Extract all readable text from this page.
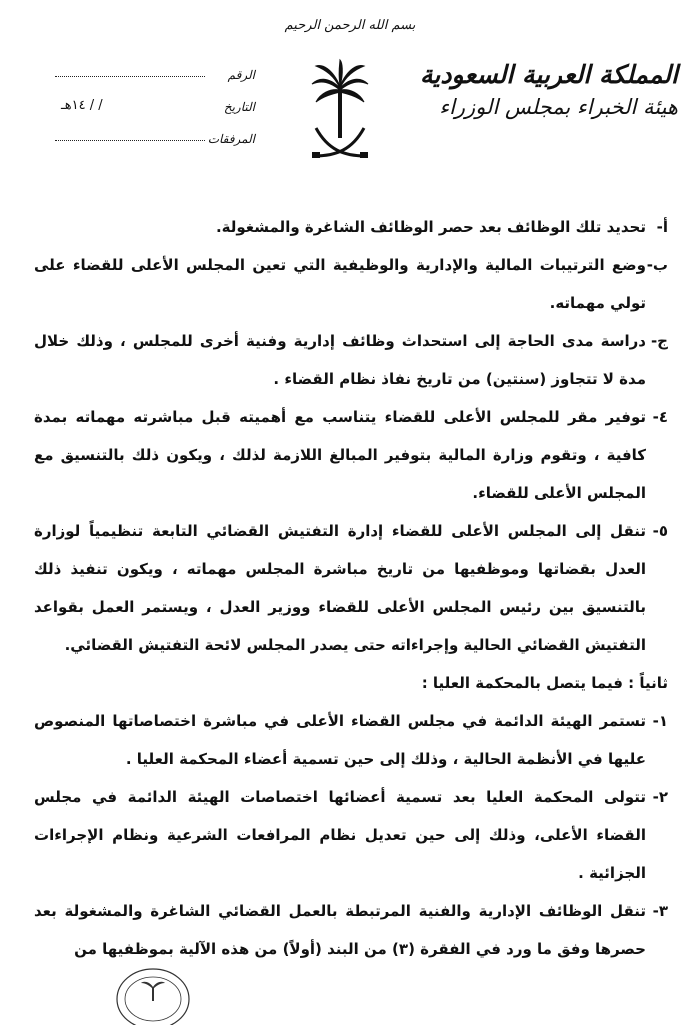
بسم الله الرحمن الرحيم
المملكة العربية السعودية
هيئة الخبراء بمجلس الوزراء
الرقم
التاريخ
/ / ١٤هـ
المرفقات

أ-
تحديد تلك الوظائف بعد حصر الوظائف الشاغرة والمشغولة.

ب-
وضع الترتيبات المالية والإدارية والوظيفية التي تعين المجلس الأعلى للقضاء على تولي مهماته.

ج-
دراسة مدى الحاجة إلى استحداث وظائف إدارية وفنية أخرى للمجلس ، وذلك خلال مدة لا تتجاوز (سنتين) من تاريخ نفاذ نظام القضاء .

٤-
توفير مقر للمجلس الأعلى للقضاء يتناسب مع أهميته قبل مباشرته مهماته بمدة كافية ، وتقوم وزارة المالية بتوفير المبالغ اللازمة لذلك ، ويكون ذلك بالتنسيق مع المجلس الأعلى للقضاء.

٥-
تنقل إلى المجلس الأعلى للقضاء إدارة التفتيش القضائي التابعة تنظيمياً لوزارة العدل بقضاتها وموظفيها من تاريخ مباشرة المجلس مهماته ، ويكون تنفيذ ذلك بالتنسيق بين رئيس المجلس الأعلى للقضاء ووزير العدل ، ويستمر العمل بقواعد التفتيش القضائي الحالية وإجراءاته حتى يصدر المجلس لائحة التفتيش القضائي.

ثانياً : فيما يتصل بالمحكمة العليا :

١-
تستمر الهيئة الدائمة في مجلس القضاء الأعلى في مباشرة اختصاصاتها المنصوص عليها في الأنظمة الحالية ، وذلك إلى حين تسمية أعضاء المحكمة العليا .

٢-
تتولى المحكمة العليا بعد تسمية أعضائها اختصاصات الهيئة الدائمة في مجلس القضاء الأعلى، وذلك إلى حين تعديل نظام المرافعات الشرعية ونظام الإجراءات الجزائية .

٣-
تنقل الوظائف الإدارية والفنية المرتبطة بالعمل القضائي الشاغرة والمشغولة بعد حصرها وفق ما ورد في الفقرة (٣) من البند (أولاً) من هذه الآلية بموظفيها من
